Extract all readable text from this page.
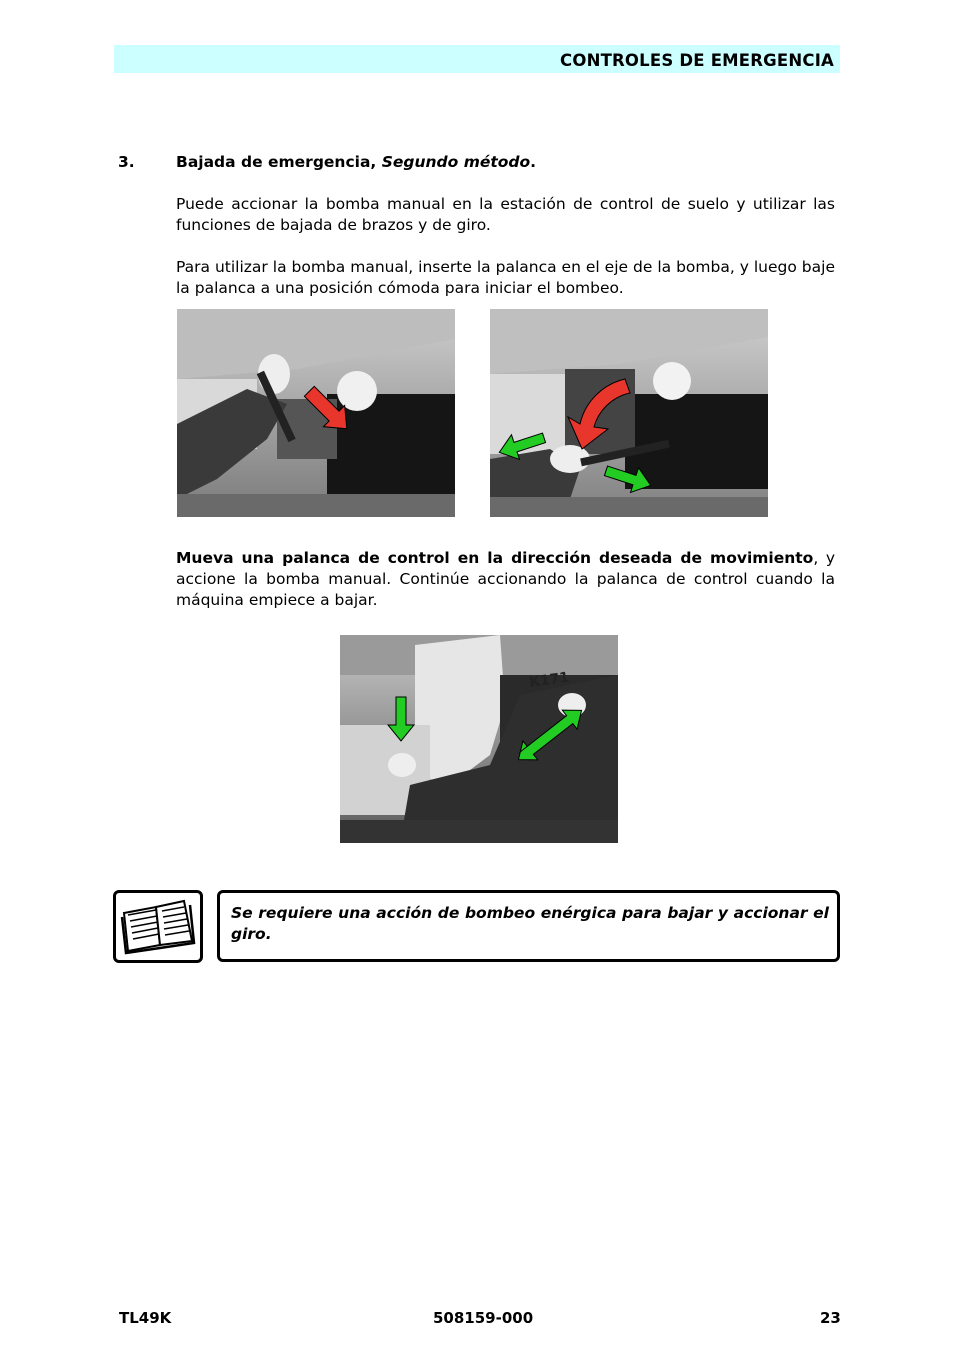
CONTROLES DE EMERGENCIA
3.	Bajada de emergencia, Segundo método.
Puede accionar la bomba manual en la estación de control de suelo y utilizar las funciones de bajada de brazos y de giro.
Para utilizar la bomba manual, inserte la palanca en el eje de la bomba, y luego baje la palanca a una posición cómoda para iniciar el bombeo.
Mueva una palanca de control en la dirección deseada de movimiento, y accione la bomba manual. Continúe accionando la palanca de control cuando la máquina empiece a bajar.
K171
Se requiere una acción de bombeo enérgica para bajar y accionar el giro.
TL49K	508159-000	23
